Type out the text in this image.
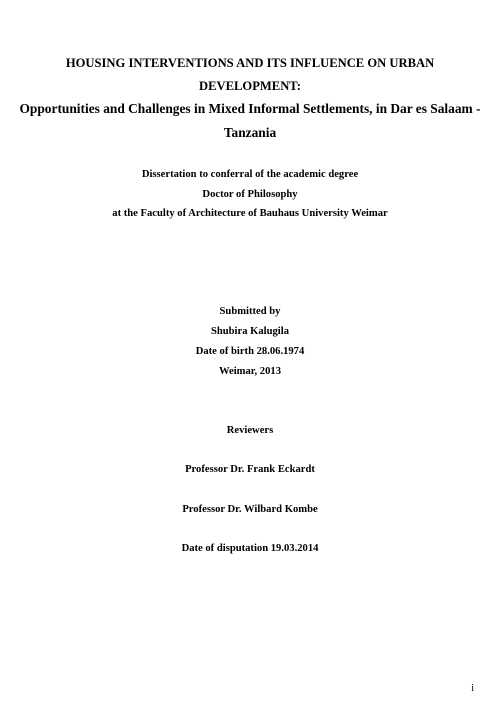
HOUSING INTERVENTIONS AND ITS INFLUENCE ON URBAN
DEVELOPMENT:
Opportunities and Challenges in Mixed Informal Settlements, in Dar es Salaam -
Tanzania
Dissertation to conferral of the academic degree
Doctor of Philosophy
at the Faculty of Architecture of Bauhaus University Weimar
Submitted by
Shubira Kalugila
Date of birth 28.06.1974
Weimar, 2013
Reviewers
Professor Dr. Frank Eckardt
Professor Dr. Wilbard Kombe
Date of disputation 19.03.2014
i
